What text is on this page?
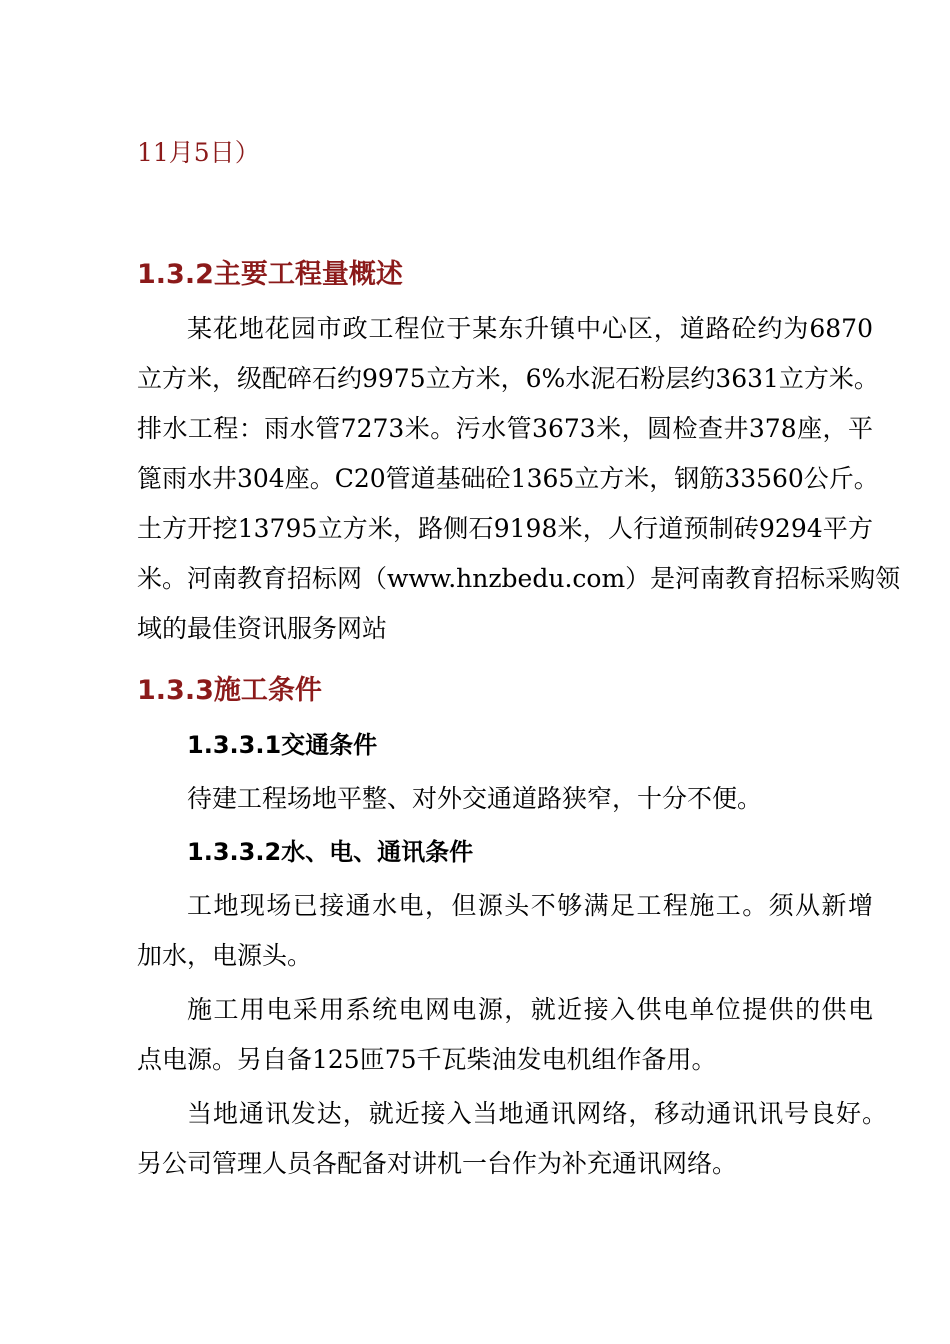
11月5日）
1.3.2主要工程量概述
某花地花园市政工程位于某东升镇中心区，道路砼约为6870
立方米，级配碎石约9975立方米，6%水泥石粉层约3631立方米。
排水工程：雨水管7273米。污水管3673米，圆检查井378座，平
篦雨水井304座。C20管道基础砼1365立方米，钢筋33560公斤。
土方开挖13795立方米，路侧石9198米，人行道预制砖9294平方
米。河南教育招标网（www.hnzbedu.com）是河南教育招标采购领
域的最佳资讯服务网站
1.3.3施工条件
1.3.3.1交通条件
待建工程场地平整、对外交通道路狭窄，十分不便。
1.3.3.2水、电、通讯条件
工地现场已接通水电，但源头不够满足工程施工。须从新增
加水，电源头。
施工用电采用系统电网电源，就近接入供电单位提供的供电
点电源。另自备125匝75千瓦柴油发电机组作备用。
当地通讯发达，就近接入当地通讯网络，移动通讯讯号良好。
另公司管理人员各配备对讲机一台作为补充通讯网络。
